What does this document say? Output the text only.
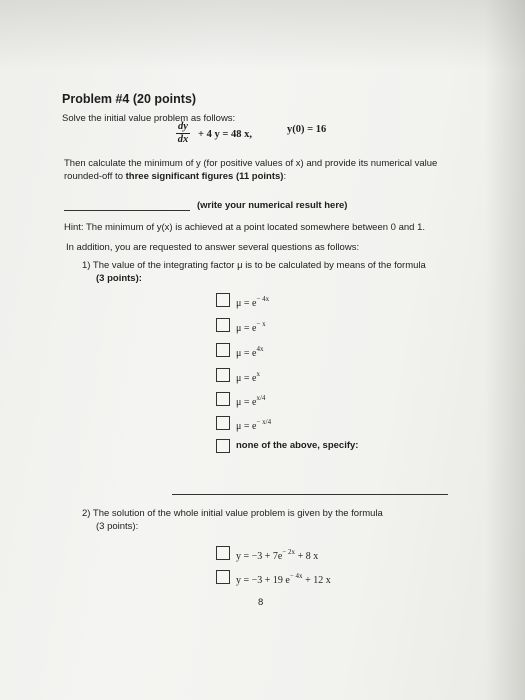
Problem #4 (20 points)
Solve the initial value problem as follows:
$\frac{dy}{dx} + 4$ y = 48 x,	y(0) = 16
Then calculate the minimum of y (for positive values of x) and provide its numerical value
rounded-off to three significant figures (11 points):
(write your numerical result here)
Hint: The minimum of y(x) is achieved at a point located somewhere between 0 and 1.
In addition, you are requested to answer several questions as follows:
1) The value of the integrating factor μ is to be calculated by means of the formula
(3 points):
$\mu = e^{- 4x}$
$\mu = e^{- x}$
$\mu = e^{4x}$
$\mu = e^x$
$\mu = e^{x/4}$
$\mu = e^{- x/4}$
none of the above, specify:
2) The solution of the whole initial value problem is given by the formula
(3 points):
$y = -3 + 7e^{- 2x} + 8$ x
y = −3 + 19 $e^{- 4x} + 12$ x
8
